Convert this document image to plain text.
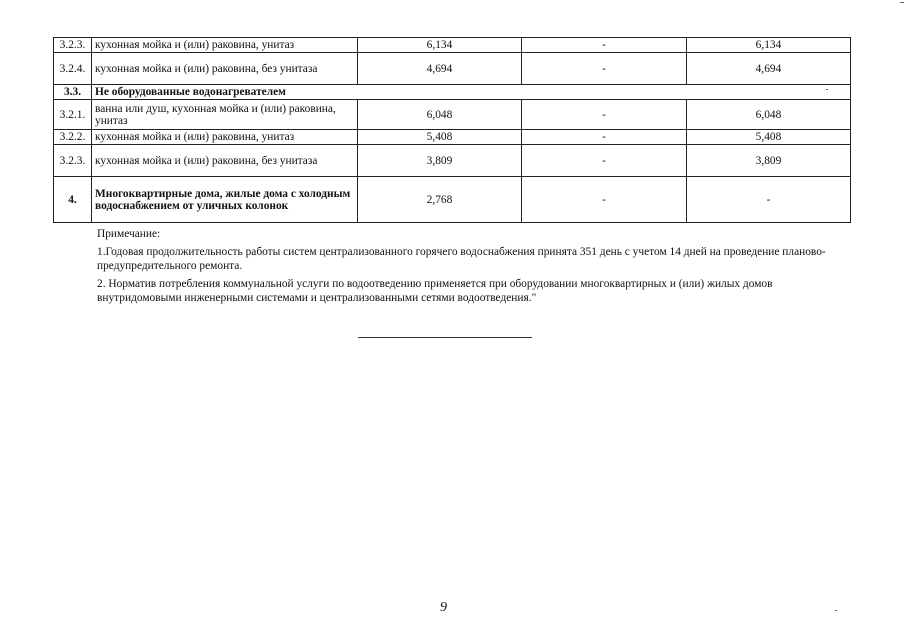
3.2.3.	кухонная мойка и (или) раковина, унитаз	6,134	-	6,134
3.2.4.	кухонная мойка и (или) раковина, без унитаза	4,694	-	4,694
3.3.	Не оборудованные водонагревателем			
3.2.1.	ванна или душ, кухонная мойка и (или) раковина, унитаз	6,048	-	6,048
3.2.2.	кухонная мойка и (или) раковина, унитаз	5,408	-	5,408
3.2.3.	кухонная мойка и (или) раковина, без унитаза	3,809	-	3,809
4.	Многоквартирные дома, жилые дома с холодным водоснабжением от уличных колонок	2,768	-	-

Примечание:

1.Годовая продолжительность работы систем централизованного горячего водоснабжения принята 351 день с учетом 14 дней на проведение планово-предупредительного ремонта.

2. Норматив потребления коммунальной услуги по водоотведению применяется при оборудовании многоквартирных и (или) жилых домов внутридомовыми инженерными системами и централизованными сетями водоотведения."

9
